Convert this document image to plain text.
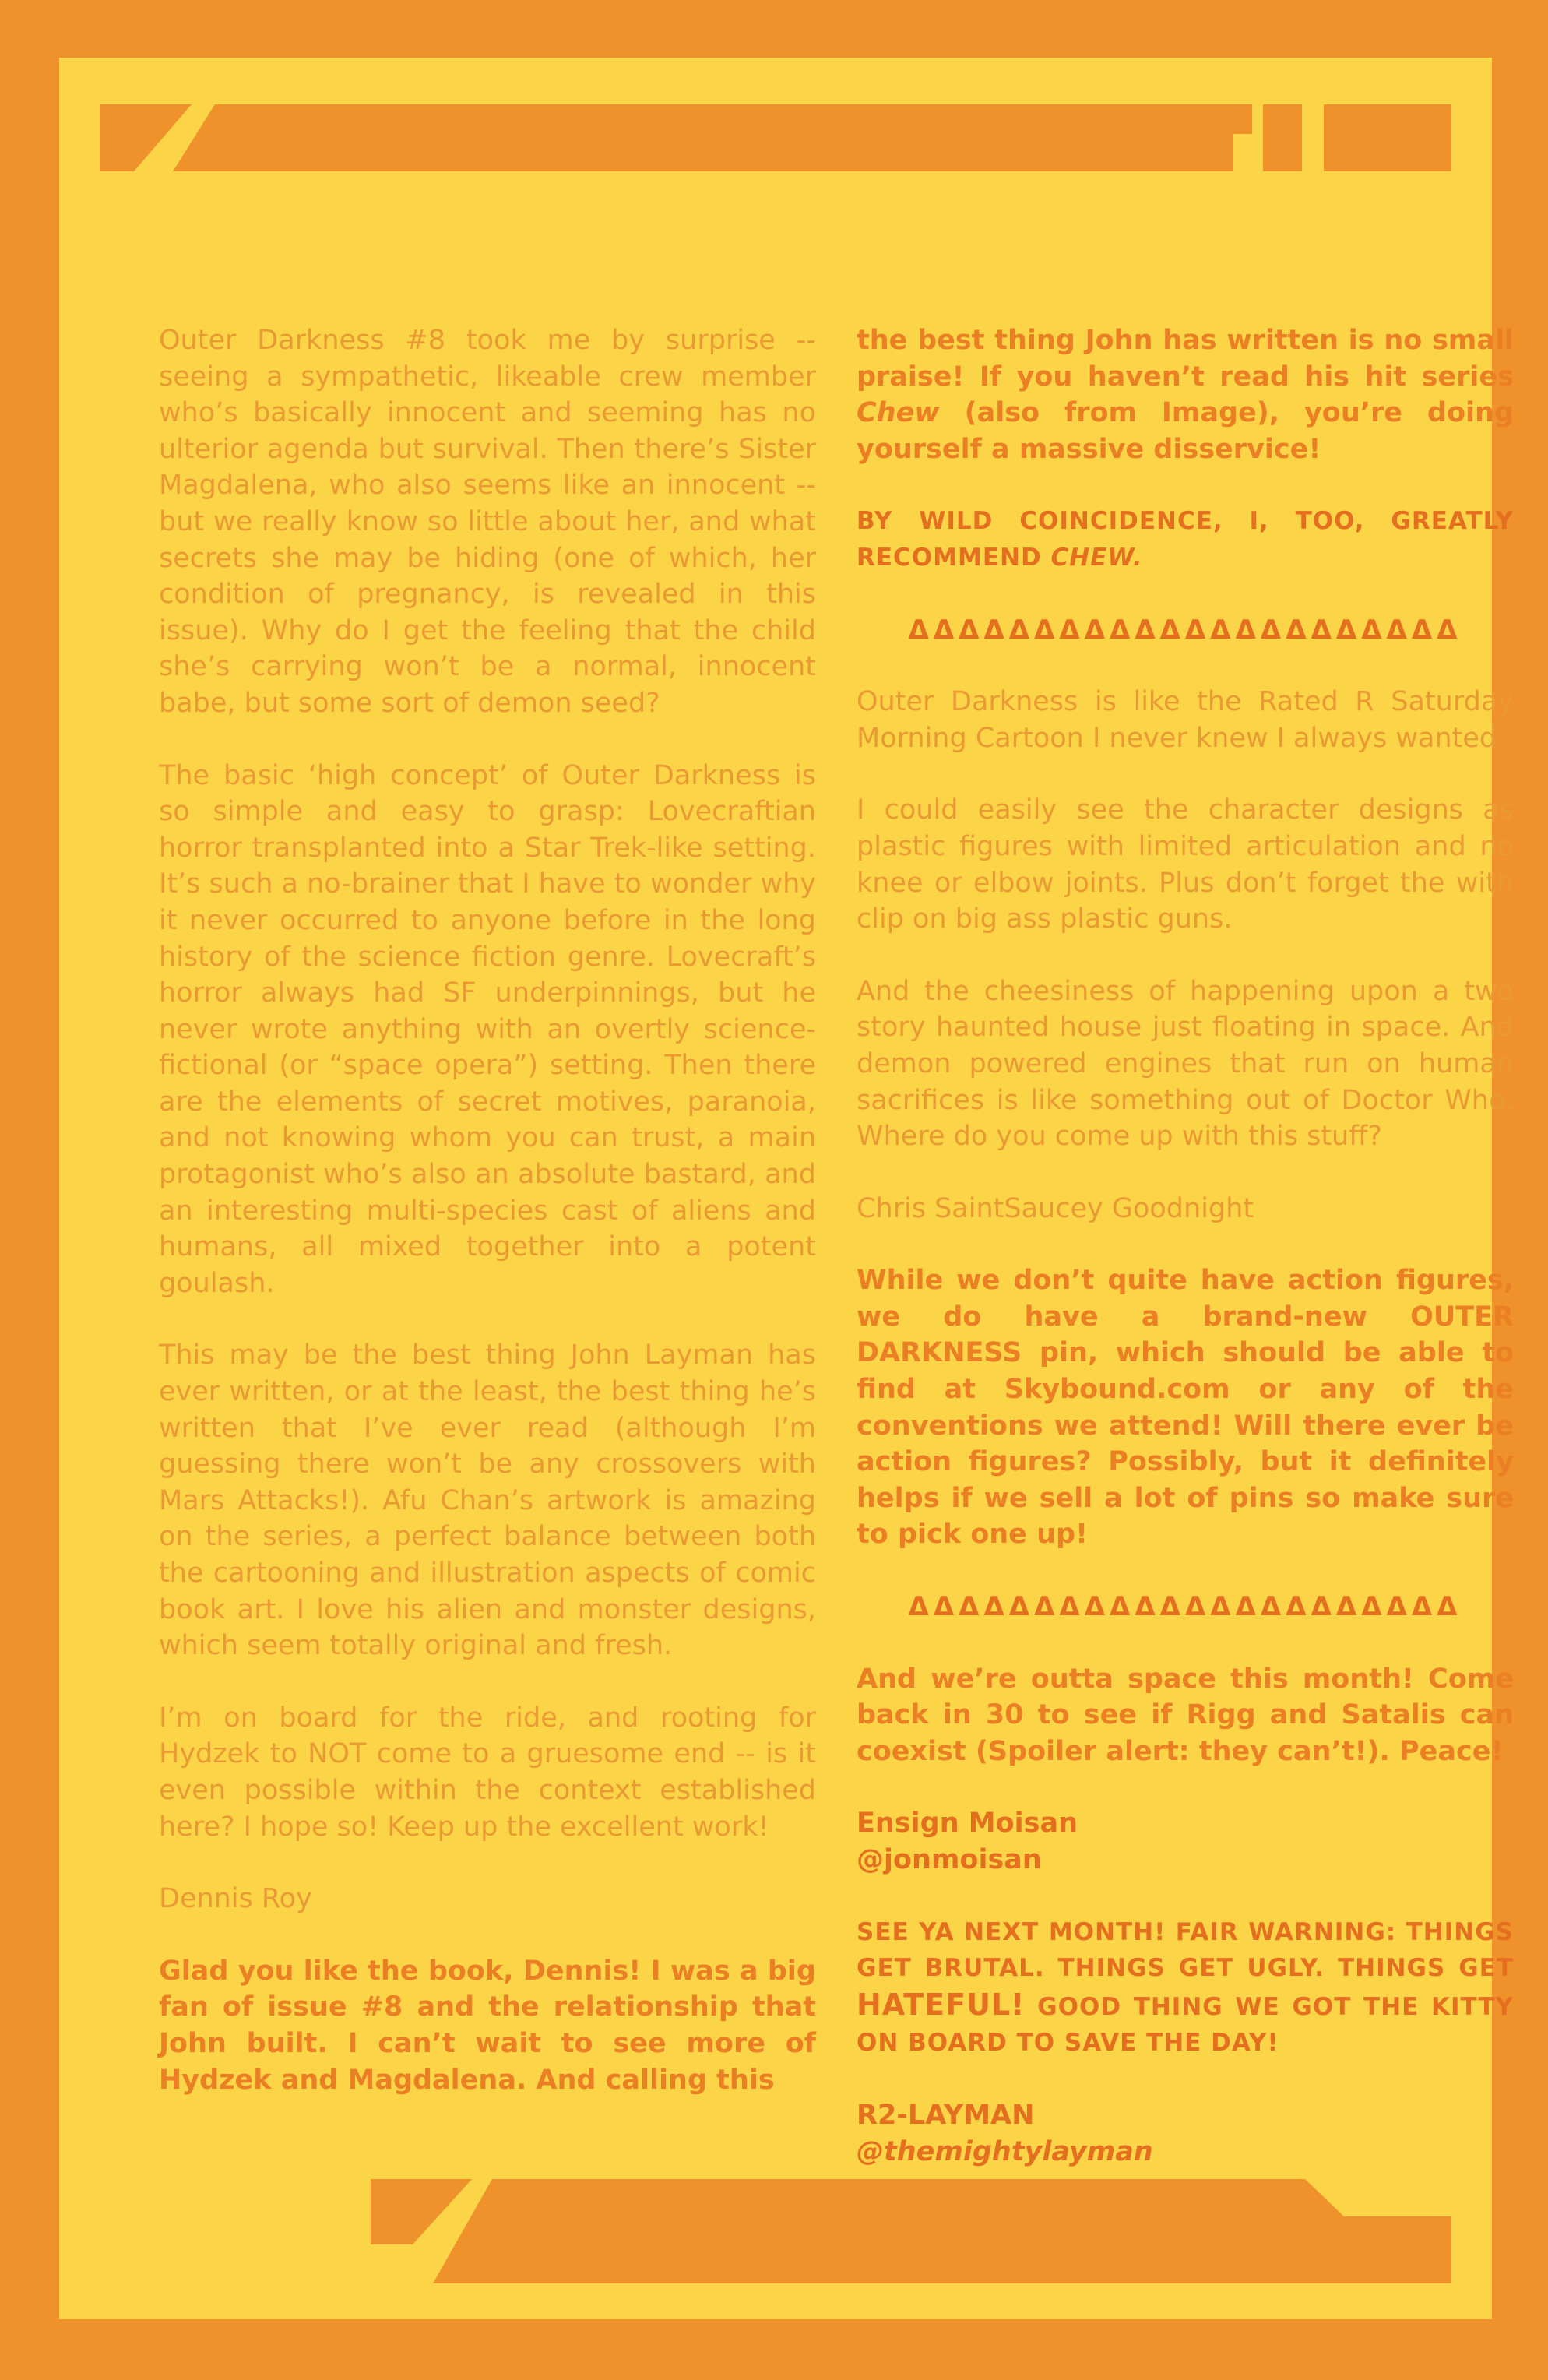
Outer Darkness #8 took me by surprise -- seeing a sympathetic, likeable crew member who’s basically innocent and seeming has no ulterior agenda but survival. Then there’s Sister Magdalena, who also seems like an innocent -- but we really know so little about her, and what secrets she may be hiding (one of which, her condition of pregnancy, is revealed in this issue). Why do I get the feeling that the child she’s carrying won’t be a normal, innocent babe, but some sort of demon seed?

The basic ‘high concept’ of Outer Darkness is so simple and easy to grasp: Lovecraftian horror transplanted into a Star Trek-like setting. It’s such a no-brainer that I have to wonder why it never occurred to anyone before in the long history of the science fiction genre. Lovecraft’s horror always had SF underpinnings, but he never wrote anything with an overtly science-fictional (or “space opera”) setting. Then there are the elements of secret motives, paranoia, and not knowing whom you can trust, a main protagonist who’s also an absolute bastard, and an interesting multi-species cast of aliens and humans, all mixed together into a potent goulash.

This may be the best thing John Layman has ever written, or at the least, the best thing he’s written that I’ve ever read (although I’m guessing there won’t be any crossovers with Mars Attacks!). Afu Chan’s artwork is amazing on the series, a perfect balance between both the cartooning and illustration aspects of comic book art. I love his alien and monster designs, which seem totally original and fresh.

I’m on board for the ride, and rooting for Hydzek to NOT come to a gruesome end -- is it even possible within the context established here? I hope so! Keep up the excellent work!

Dennis Roy

Glad you like the book, Dennis! I was a big fan of issue #8 and the relationship that John built. I can’t wait to see more of Hydzek and Magdalena. And calling this

the best thing John has written is no small praise! If you haven’t read his hit series Chew (also from Image), you’re doing yourself a massive disservice!

BY WILD COINCIDENCE, I, TOO, GREATLY RECOMMEND CHEW.

ΔΔΔΔΔΔΔΔΔΔΔΔΔΔΔΔΔΔΔΔΔΔ

Outer Darkness is like the Rated R Saturday Morning Cartoon I never knew I always wanted.

I could easily see the character designs as plastic figures with limited articulation and no knee or elbow joints. Plus don’t forget the with clip on big ass plastic guns.

And the cheesiness of happening upon a two story haunted house just floating in space. And demon powered engines that run on human sacrifices is like something out of Doctor Who. Where do you come up with this stuff?

Chris SaintSaucey Goodnight

While we don’t quite have action figures, we do have a brand-new OUTER DARKNESS pin, which should be able to find at Skybound.com or any of the conventions we attend! Will there ever be action figures? Possibly, but it definitely helps if we sell a lot of pins so make sure to pick one up!

ΔΔΔΔΔΔΔΔΔΔΔΔΔΔΔΔΔΔΔΔΔΔ

And we’re outta space this month! Come back in 30 to see if Rigg and Satalis can coexist (Spoiler alert: they can’t!). Peace!

Ensign Moisan
@jonmoisan

SEE YA NEXT MONTH! FAIR WARNING: THINGS GET BRUTAL. THINGS GET UGLY. THINGS GET HATEFUL! GOOD THING WE GOT THE KITTY ON BOARD TO SAVE THE DAY!

R2-LAYMAN
@themightylayman
